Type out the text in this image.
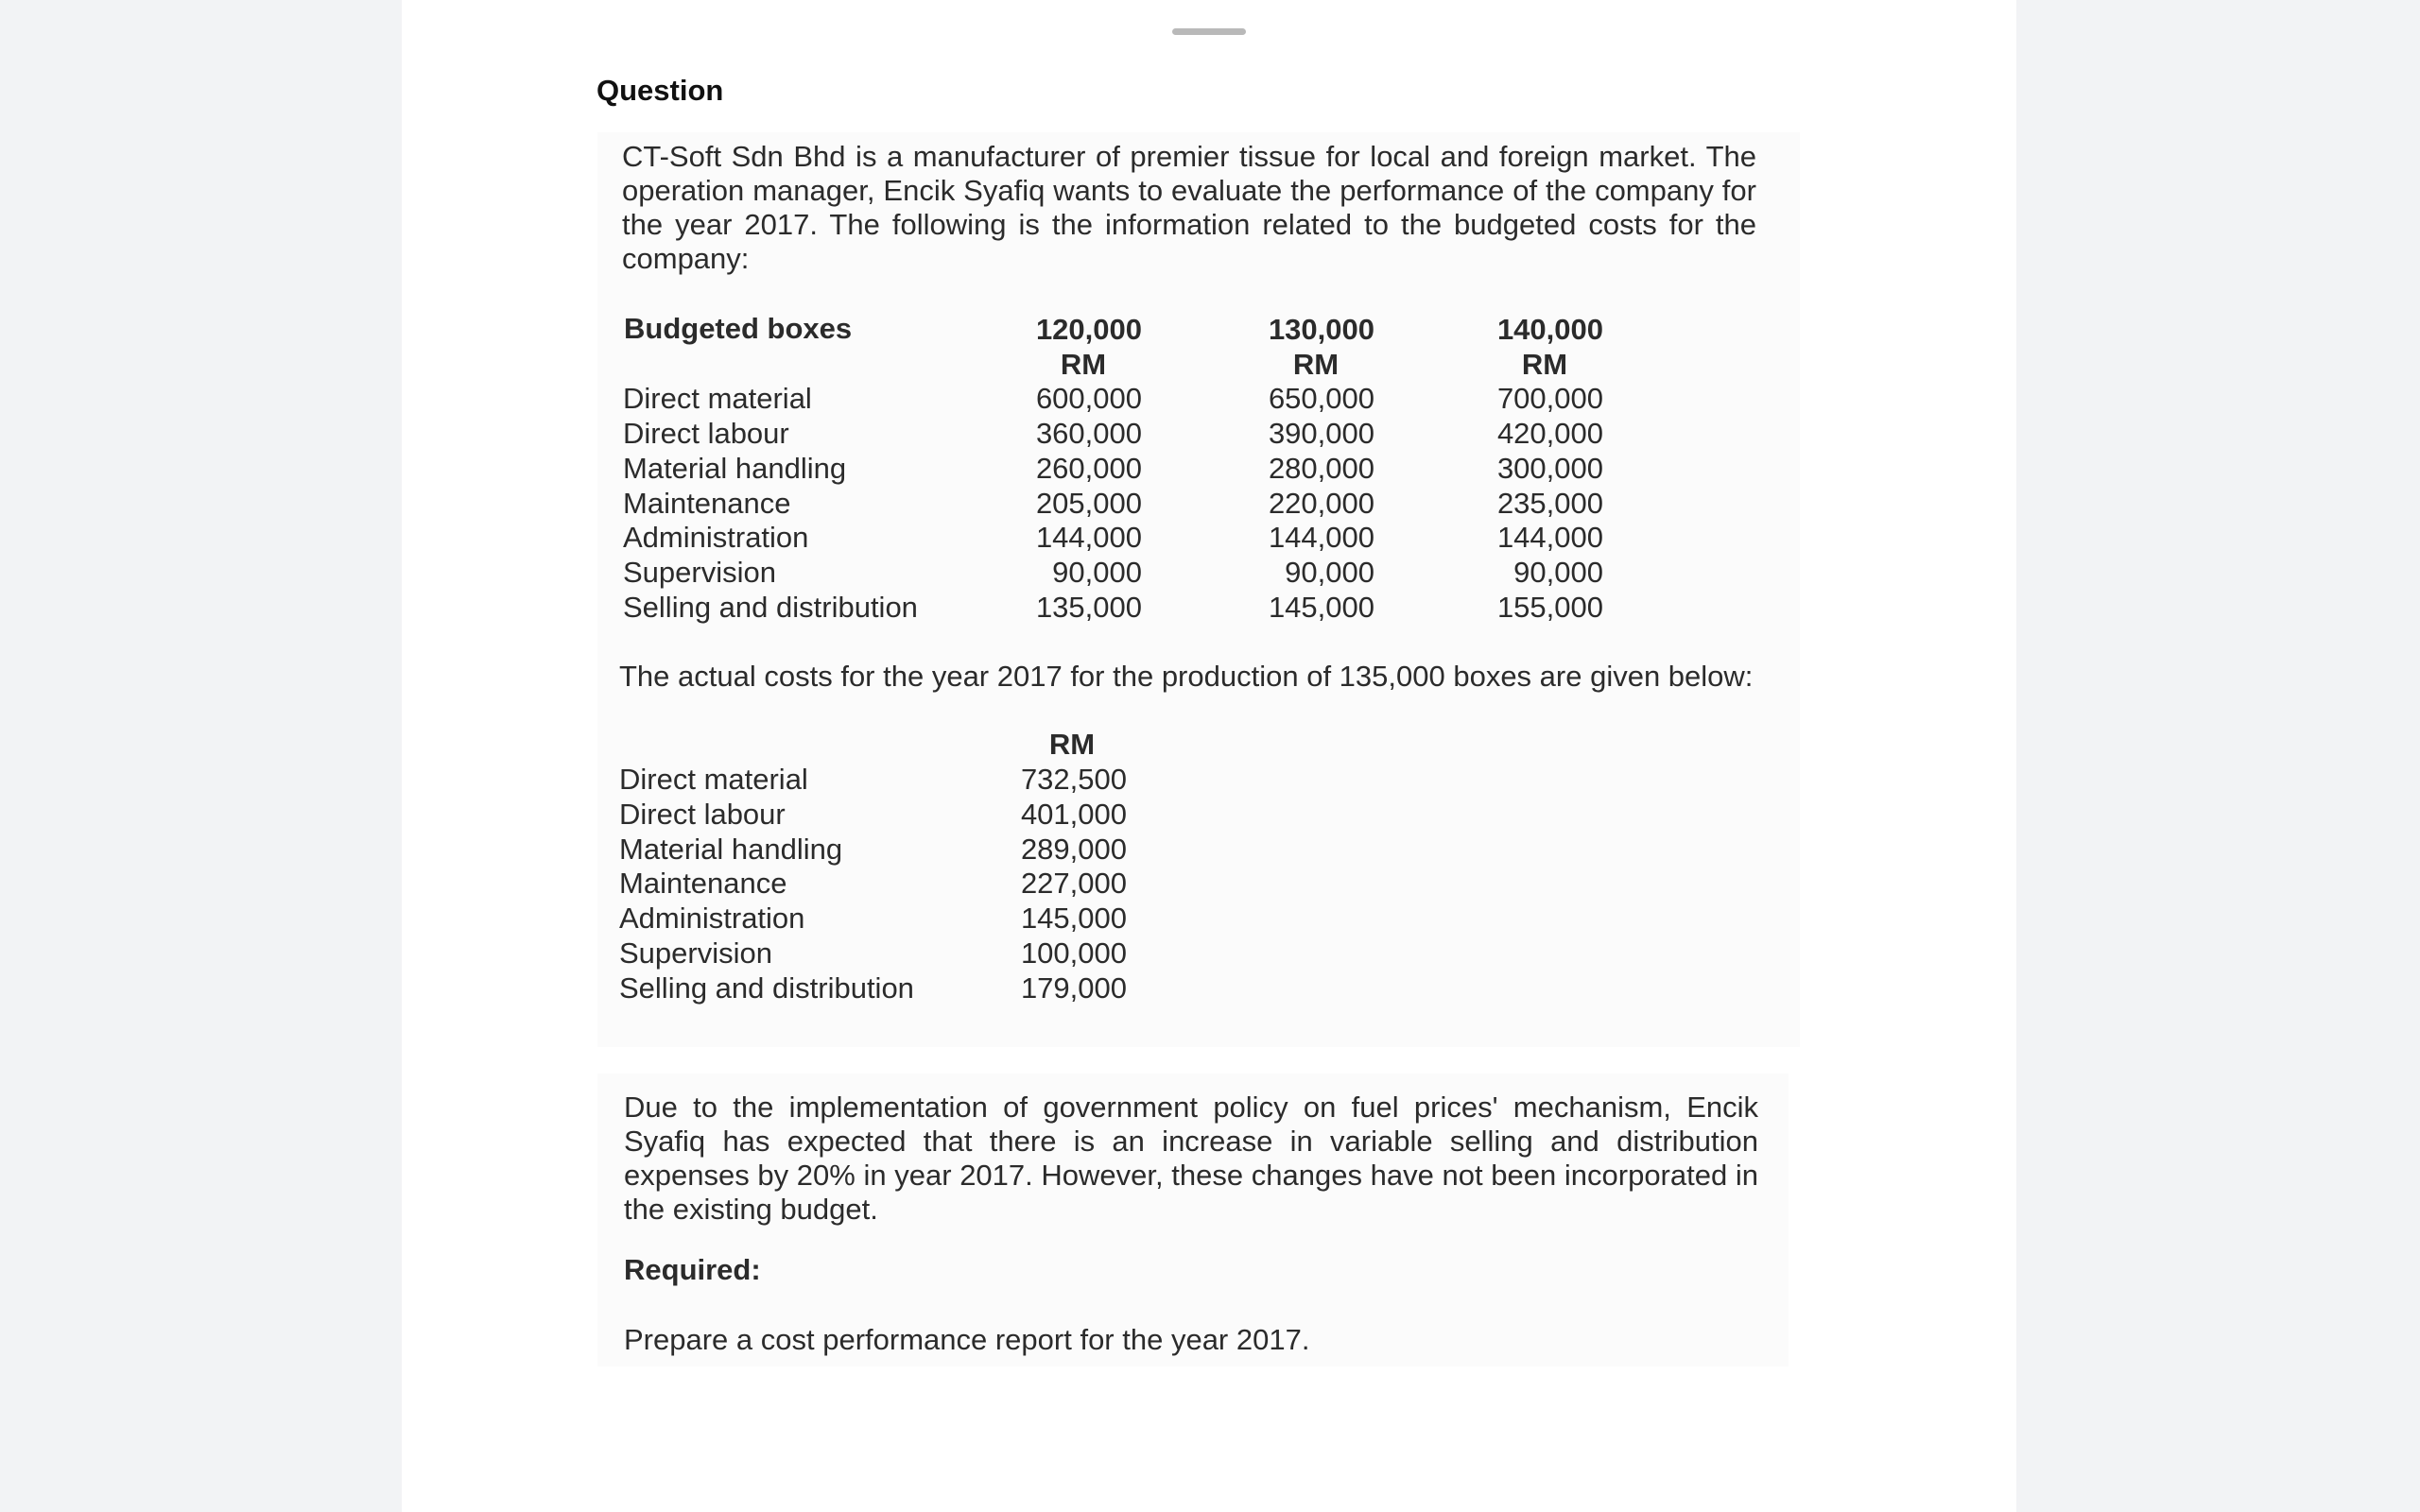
Question
CT-Soft Sdn Bhd is a manufacturer of premier tissue for local and foreign market. The operation manager, Encik Syafiq wants to evaluate the performance of the company for the year 2017. The following is the information related to the budgeted costs for the company:
Budgeted boxes	120,000	130,000	140,000
RM	RM	RM
Direct material	600,000	650,000	700,000
Direct labour	360,000	390,000	420,000
Material handling	260,000	280,000	300,000
Maintenance	205,000	220,000	235,000
Administration	144,000	144,000	144,000
Supervision	90,000	90,000	90,000
Selling and distribution	135,000	145,000	155,000
The actual costs for the year 2017 for the production of 135,000 boxes are given below:
RM
Direct material	732,500
Direct labour	401,000
Material handling	289,000
Maintenance	227,000
Administration	145,000
Supervision	100,000
Selling and distribution	179,000
Due to the implementation of government policy on fuel prices' mechanism, Encik Syafiq has expected that there is an increase in variable selling and distribution expenses by 20% in year 2017. However, these changes have not been incorporated in the existing budget.
Required:
Prepare a cost performance report for the year 2017.
